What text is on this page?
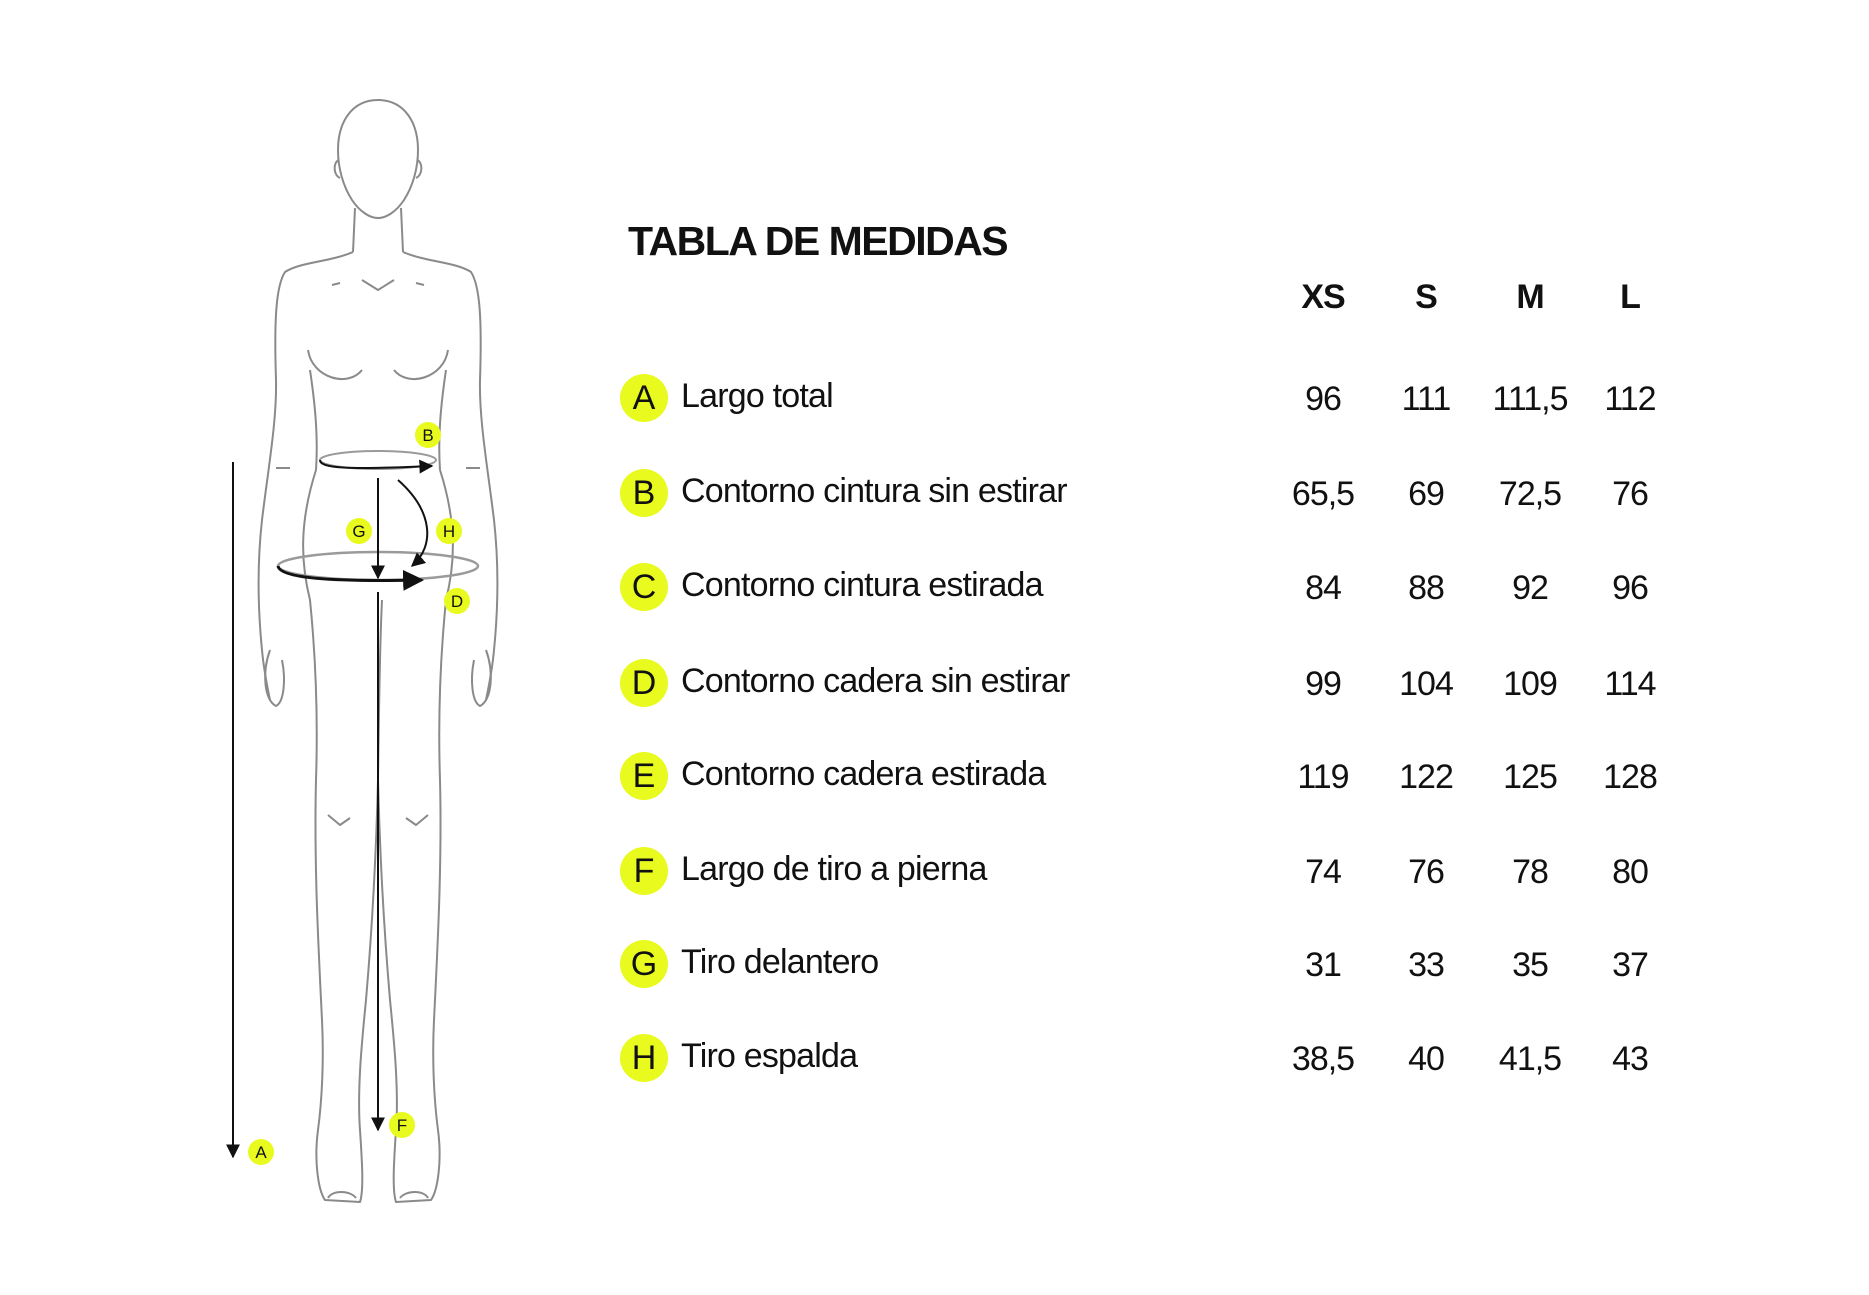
B
G	H
D
F
A
TABLA DE MEDIDAS
XS	S	M	L
A Largo total	96	111	111,5	112
B Contorno cintura sin estirar	65,5	69	72,5	76
C Contorno cintura estirada	84	88	92	96
D Contorno cadera sin estirar	99	104	109	114
E Contorno cadera estirada	119	122	125	128
F Largo de tiro a pierna	74	76	78	80
G Tiro delantero	31	33	35	37
H Tiro espalda	38,5	40	41,5	43
